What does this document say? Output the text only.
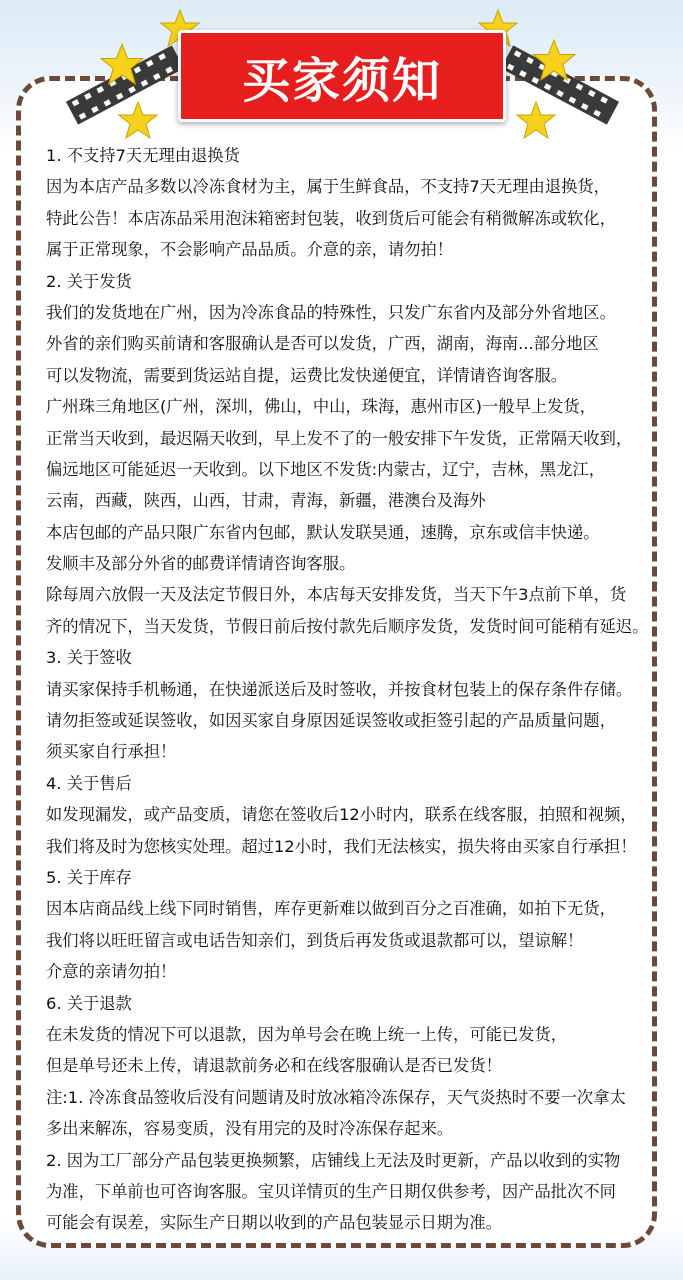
买家须知
1. 不支持7天无理由退换货
因为本店产品多数以冷冻食材为主，属于生鲜食品，不支持7天无理由退换货，
特此公告！本店冻品采用泡沫箱密封包装，收到货后可能会有稍微解冻或软化，
属于正常现象，不会影响产品品质。介意的亲，请勿拍！
2. 关于发货
我们的发货地在广州，因为冷冻食品的特殊性，只发广东省内及部分外省地区。
外省的亲们购买前请和客服确认是否可以发货，广西，湖南，海南...部分地区
可以发物流，需要到货运站自提，运费比发快递便宜，详情请咨询客服。
广州珠三角地区(广州，深圳，佛山，中山，珠海，惠州市区)一般早上发货，
正常当天收到，最迟隔天收到，早上发不了的一般安排下午发货，正常隔天收到，
偏远地区可能延迟一天收到。以下地区不发货:内蒙古，辽宁，吉林，黑龙江，
云南，西藏，陕西，山西，甘肃，青海，新疆，港澳台及海外
本店包邮的产品只限广东省内包邮，默认发联昊通，速腾，京东或信丰快递。
发顺丰及部分外省的邮费详情请咨询客服。
除每周六放假一天及法定节假日外，本店每天安排发货，当天下午3点前下单，货
齐的情况下，当天发货，节假日前后按付款先后顺序发货，发货时间可能稍有延迟。
3. 关于签收
请买家保持手机畅通，在快递派送后及时签收，并按食材包装上的保存条件存储。
请勿拒签或延误签收，如因买家自身原因延误签收或拒签引起的产品质量问题，
须买家自行承担！
4. 关于售后
如发现漏发，或产品变质，请您在签收后12小时内，联系在线客服，拍照和视频，
我们将及时为您核实处理。超过12小时，我们无法核实，损失将由买家自行承担！
5. 关于库存
因本店商品线上线下同时销售，库存更新难以做到百分之百准确，如拍下无货，
我们将以旺旺留言或电话告知亲们，到货后再发货或退款都可以，望谅解！
介意的亲请勿拍！
6. 关于退款
在未发货的情况下可以退款，因为单号会在晚上统一上传，可能已发货，
但是单号还未上传，请退款前务必和在线客服确认是否已发货！
注:1. 冷冻食品签收后没有问题请及时放冰箱冷冻保存，天气炎热时不要一次拿太
多出来解冻，容易变质，没有用完的及时冷冻保存起来。
2. 因为工厂部分产品包装更换频繁，店铺线上无法及时更新，产品以收到的实物
为准，下单前也可咨询客服。宝贝详情页的生产日期仅供参考，因产品批次不同
可能会有误差，实际生产日期以收到的产品包装显示日期为准。
